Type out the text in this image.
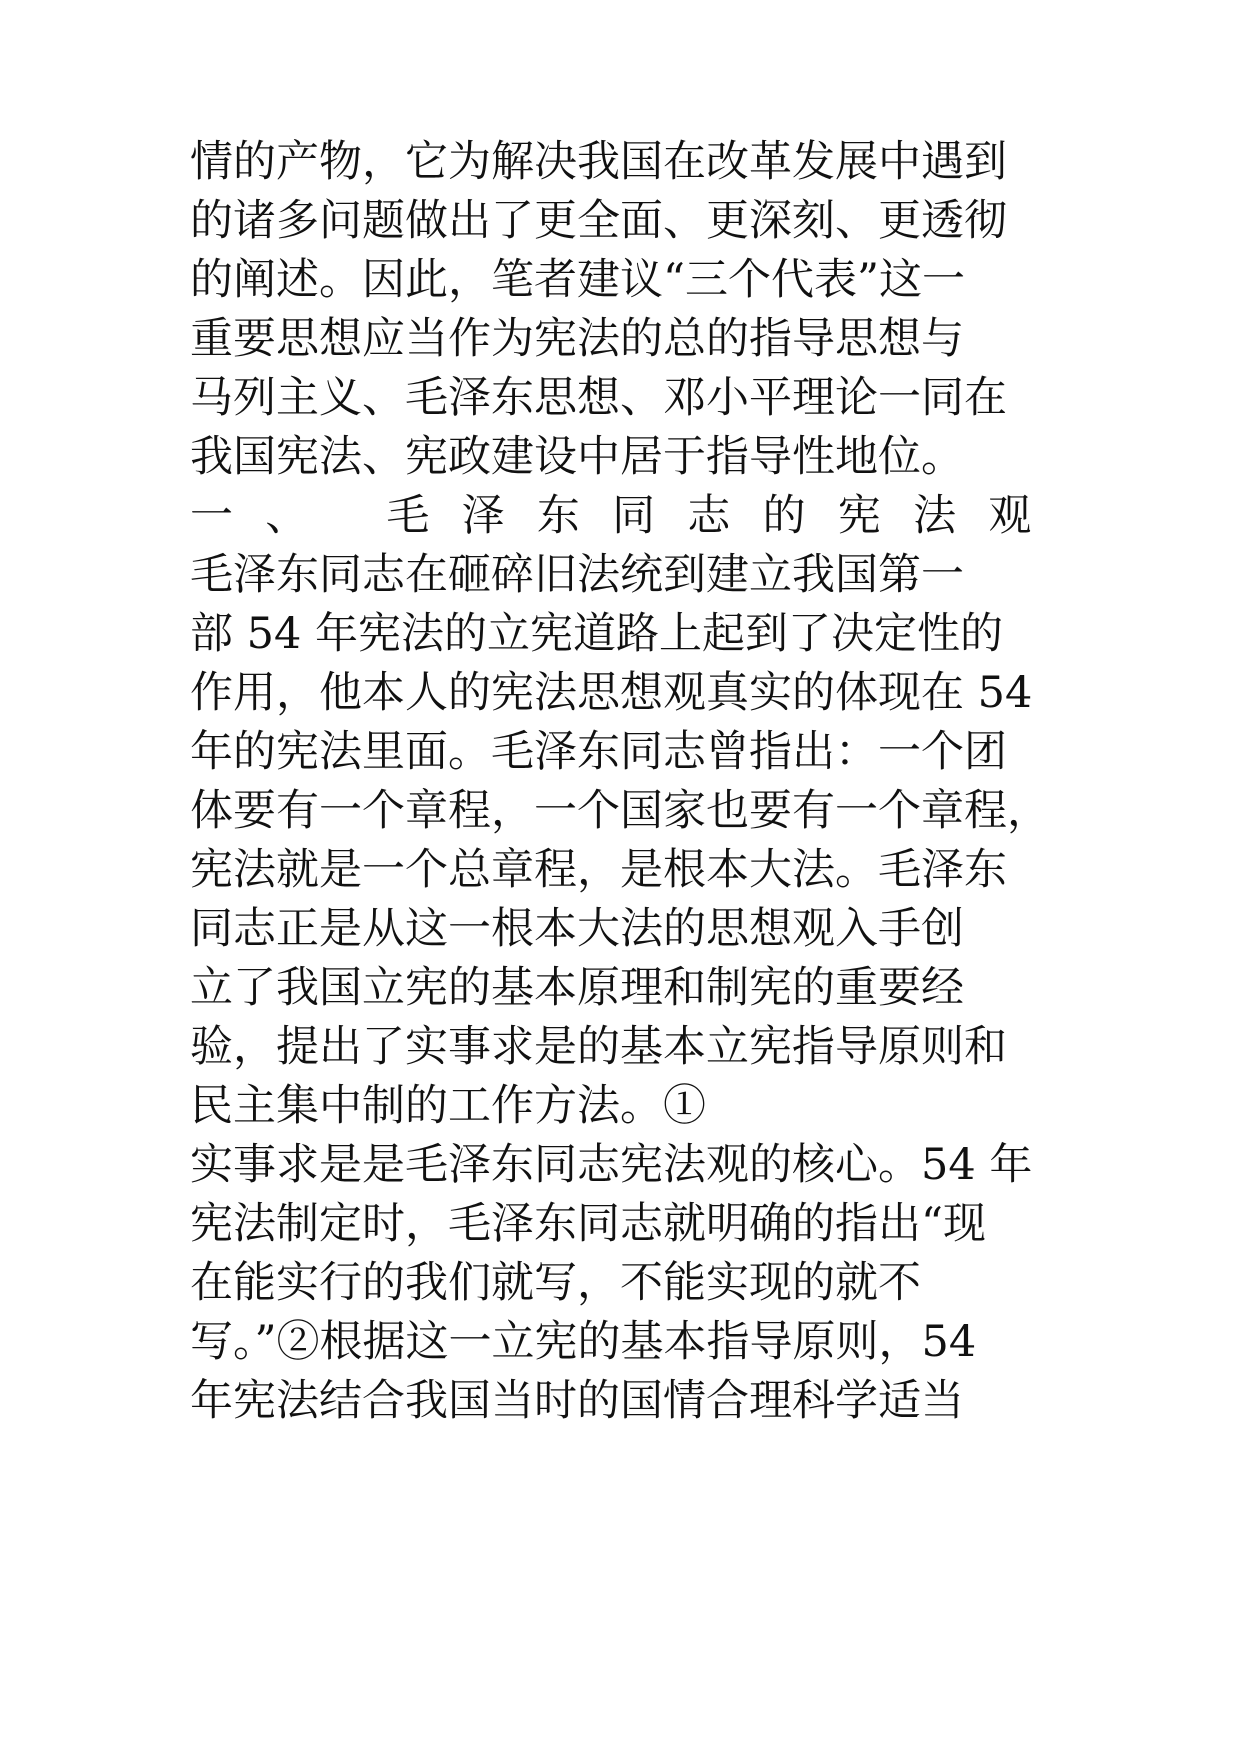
情的产物，它为解决我国在改革发展中遇到

的诸多问题做出了更全面、更深刻、更透彻

的阐述。因此，笔者建议“三个代表”这一

重要思想应当作为宪法的总的指导思想与

马列主义、毛泽东思想、邓小平理论一同在

我国宪法、宪政建设中居于指导性地位。

一、 毛泽东同志的宪法观

毛泽东同志在砸碎旧法统到建立我国第一

部 54 年宪法的立宪道路上起到了决定性的

作用，他本人的宪法思想观真实的体现在 54

年的宪法里面。毛泽东同志曾指出：一个团

体要有一个章程，一个国家也要有一个章程，

宪法就是一个总章程，是根本大法。毛泽东

同志正是从这一根本大法的思想观入手创

立了我国立宪的基本原理和制宪的重要经

验，提出了实事求是的基本立宪指导原则和

民主集中制的工作方法。①

实事求是是毛泽东同志宪法观的核心。54 年

宪法制定时，毛泽东同志就明确的指出“现

在能实行的我们就写，不能实现的就不

写。”②根据这一立宪的基本指导原则，54

年宪法结合我国当时的国情合理科学适当
